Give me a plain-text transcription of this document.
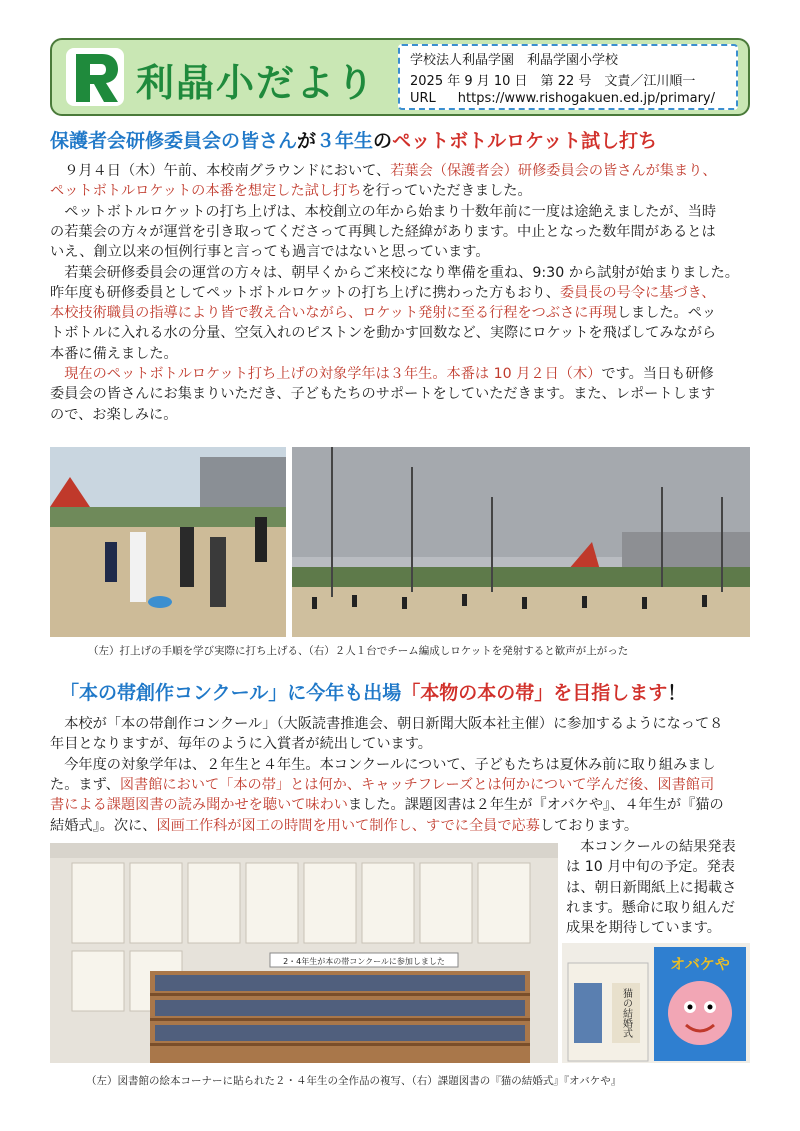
利晶小だより
学校法人利晶学園　利晶学園小学校
2025 年 9 月 10 日　第 22 号　文責／江川順一
URL https://www.rishogakuen.ed.jp/primary/
保護者会研修委員会の皆さんが３年生のペットボトルロケット試し打ち
　９月４日（木）午前、本校南グラウンドにおいて、若葉会（保護者会）研修委員会の皆さんが集まり、
ペットボトルロケットの本番を想定した試し打ちを行っていただきました。
　ペットボトルロケットの打ち上げは、本校創立の年から始まり十数年前に一度は途絶えましたが、当時
の若葉会の方々が運営を引き取ってくださって再興した経緯があります。中止となった数年間があるとは
いえ、創立以来の恒例行事と言っても過言ではないと思っています。
　若葉会研修委員会の運営の方々は、朝早くからご来校になり準備を重ね、9:30 から試射が始まりました。
昨年度も研修委員としてペットボトルロケットの打ち上げに携わった方もおり、委員長の号令に基づき、
本校技術職員の指導により皆で教え合いながら、ロケット発射に至る行程をつぶさに再現しました。ペッ
トボトルに入れる水の分量、空気入れのピストンを動かす回数など、実際にロケットを飛ばしてみながら
本番に備えました。
　現在のペットボトルロケット打ち上げの対象学年は３年生。本番は 10 月２日（木）です。当日も研修
委員会の皆さんにお集まりいただき、子どもたちのサポートをしていただきます。また、レポートします
ので、お楽しみに。
（左）打上げの手順を学び実際に打ち上げる、（右）２人１台でチーム編成しロケットを発射すると歓声が上がった
「本の帯創作コンクール」に今年も出場「本物の本の帯」を目指します！
　本校が「本の帯創作コンクール」（大阪読書推進会、朝日新聞大阪本社主催）に参加するようになって８
年目となりますが、毎年のように入賞者が続出しています。
　今年度の対象学年は、２年生と４年生。本コンクールについて、子どもたちは夏休み前に取り組みまし
た。まず、図書館において「本の帯」とは何か、キャッチフレーズとは何かについて学んだ後、図書館司
書による課題図書の読み聞かせを聴いて味わいました。課題図書は２年生が『オバケや』、４年生が『猫の
結婚式』。次に、図画工作科が図工の時間を用いて制作し、すでに全員で応募しております。
　本コンクールの結果発表
は 10 月中旬の予定。発表
は、朝日新聞紙上に掲載さ
れます。懸命に取り組んだ
成果を期待しています。
2・4年生が本の帯コンクールに参加しました
猫の結婚式
オバケや
（左）図書館の絵本コーナーに貼られた２・４年生の全作品の複写、（右）課題図書の『猫の結婚式』『オバケや』
